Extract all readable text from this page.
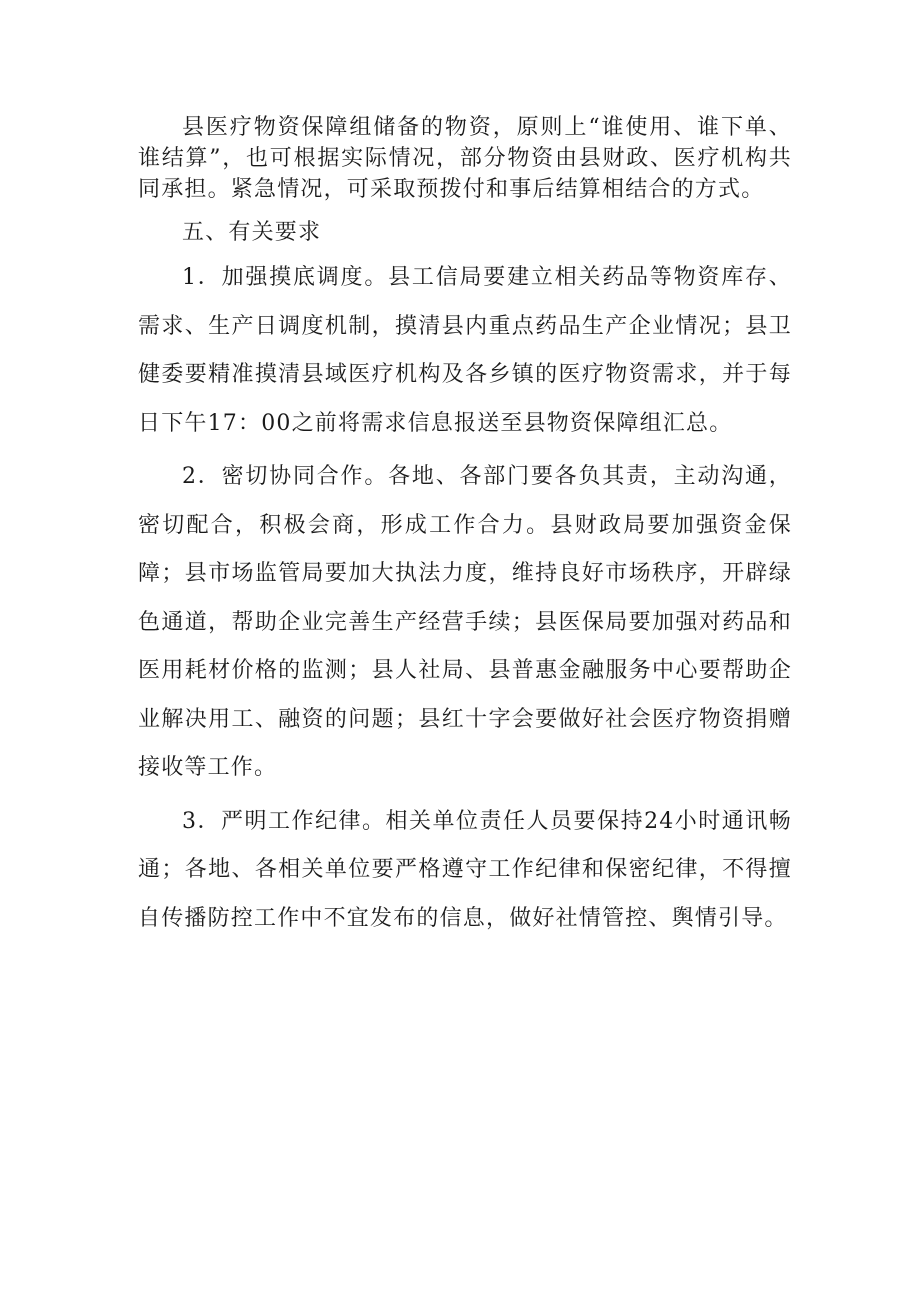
县医疗物资保障组储备的物资，原则上“谁使用、谁下单、谁结算”，也可根据实际情况，部分物资由县财政、医疗机构共同承担。紧急情况，可采取预拨付和事后结算相结合的方式。

五、有关要求

1．加强摸底调度。县工信局要建立相关药品等物资库存、需求、生产日调度机制，摸清县内重点药品生产企业情况；县卫健委要精准摸清县域医疗机构及各乡镇的医疗物资需求，并于每日下午17：00之前将需求信息报送至县物资保障组汇总。

2．密切协同合作。各地、各部门要各负其责，主动沟通，密切配合，积极会商，形成工作合力。县财政局要加强资金保障；县市场监管局要加大执法力度，维持良好市场秩序，开辟绿色通道，帮助企业完善生产经营手续；县医保局要加强对药品和医用耗材价格的监测；县人社局、县普惠金融服务中心要帮助企业解决用工、融资的问题；县红十字会要做好社会医疗物资捐赠接收等工作。

3．严明工作纪律。相关单位责任人员要保持24小时通讯畅通；各地、各相关单位要严格遵守工作纪律和保密纪律，不得擅自传播防控工作中不宜发布的信息，做好社情管控、舆情引导。
